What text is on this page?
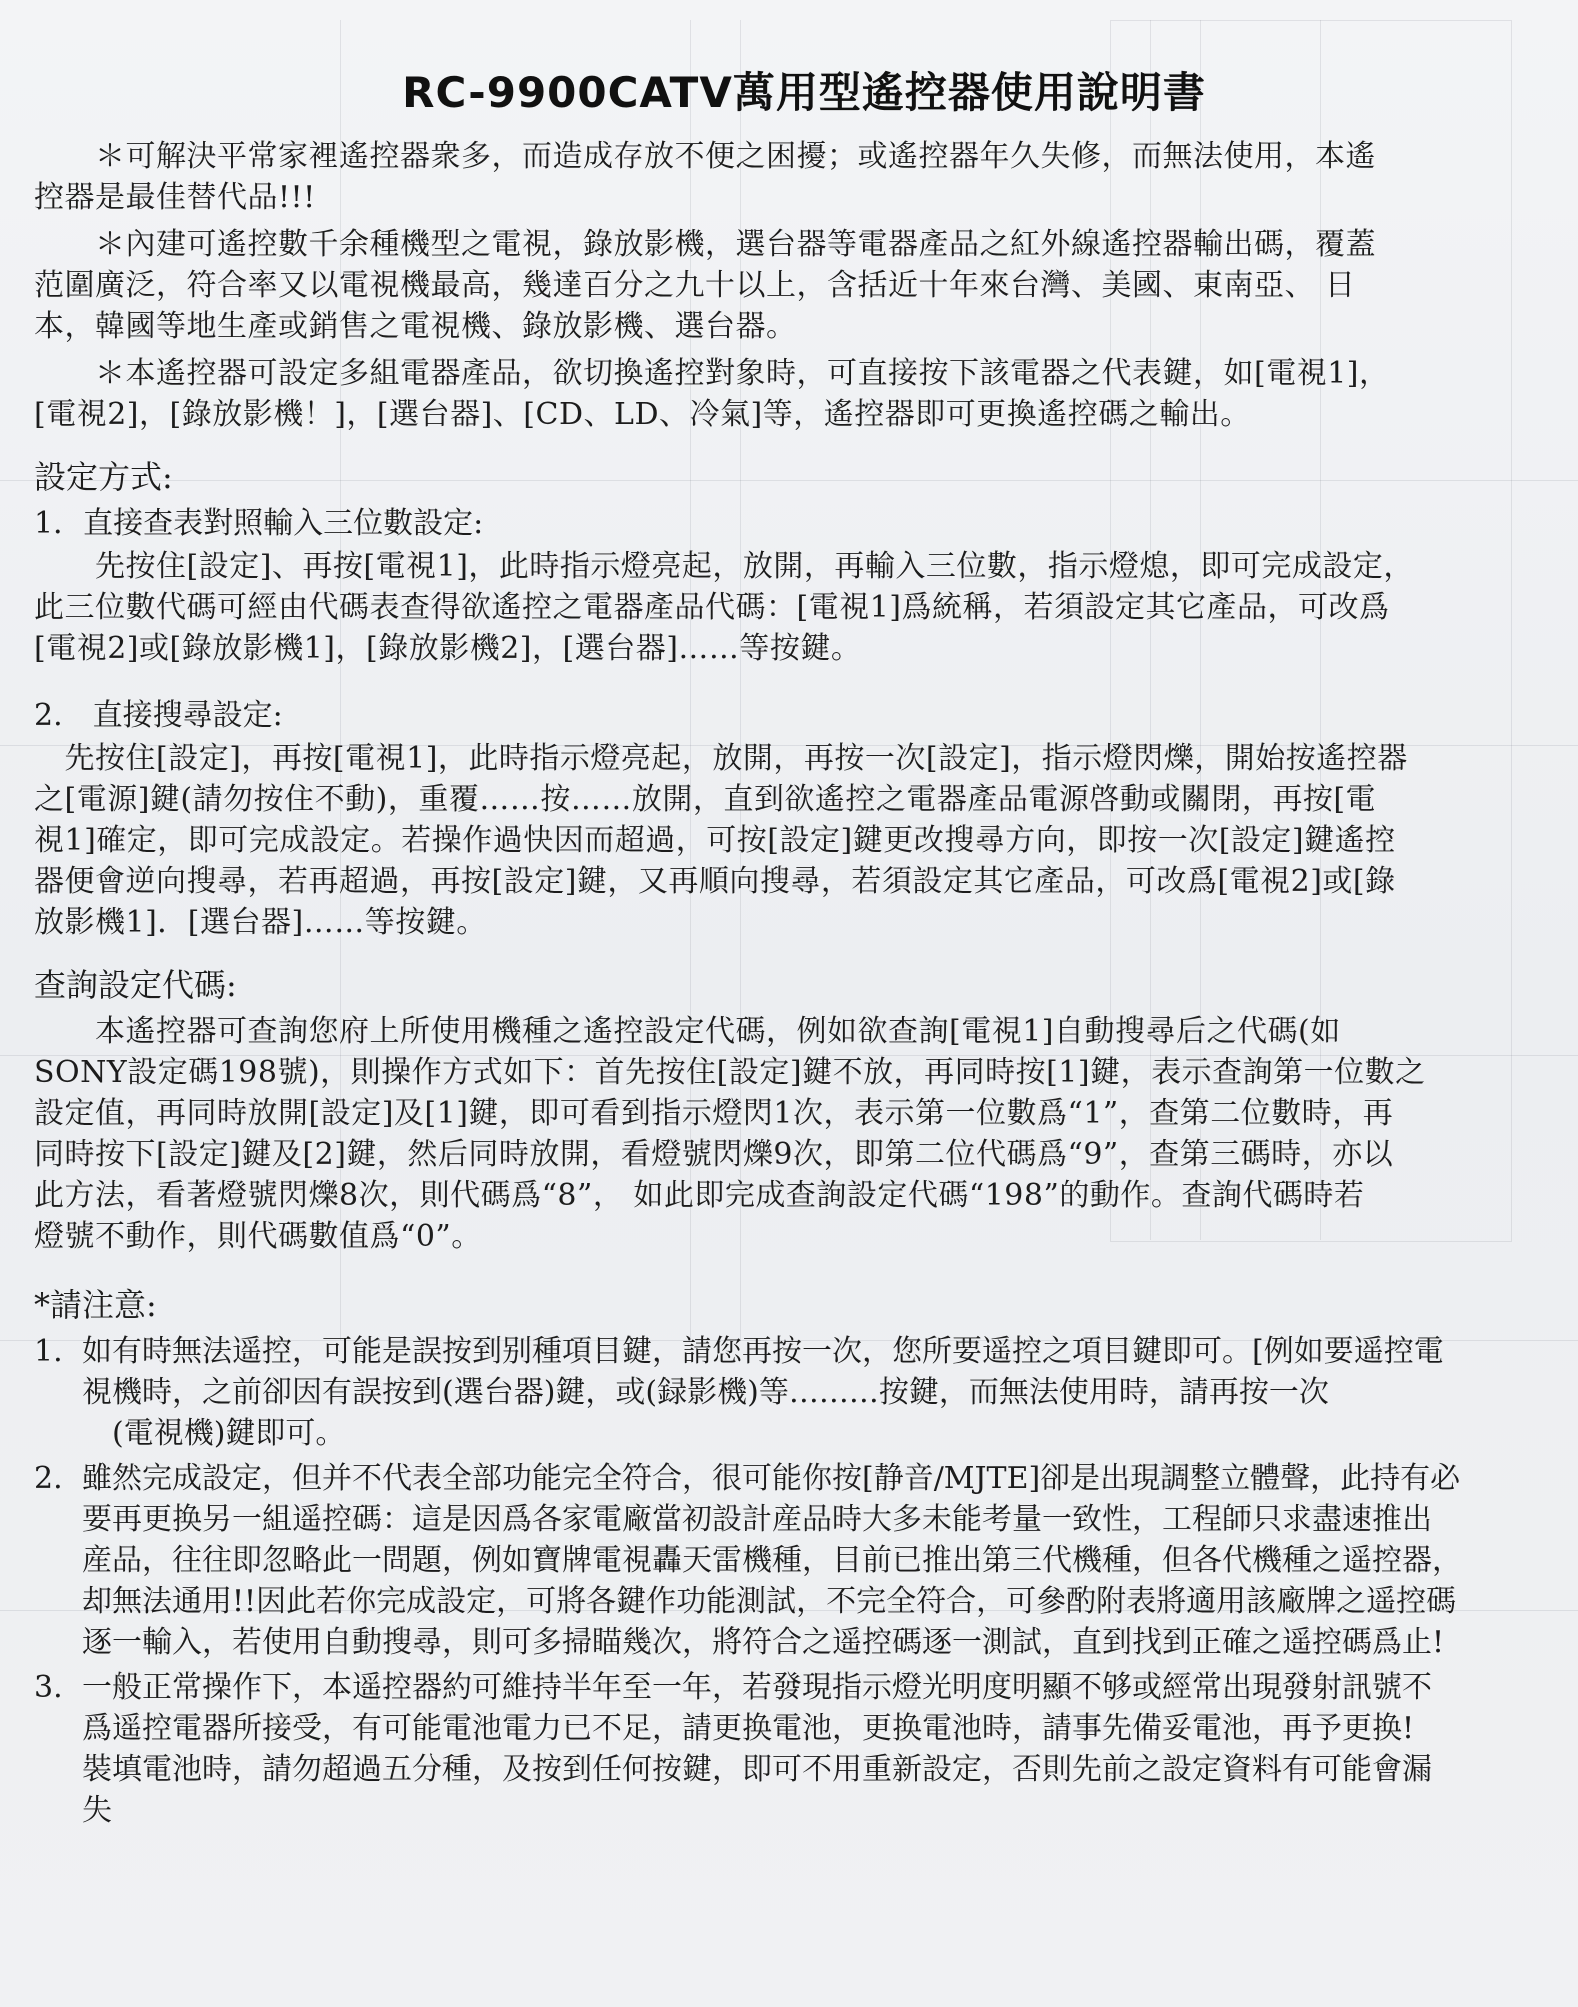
RC-9900CATV萬用型遙控器使用說明書
　　＊可解決平常家裡遙控器衆多，而造成存放不便之困擾；或遙控器年久失修，而無法使用，本遙
控器是最佳替代品!!!
　　＊內建可遙控數千余種機型之電視，錄放影機，選台器等電器產品之紅外線遙控器輸出碼，覆蓋
范圍廣泛，符合率又以電視機最高，幾達百分之九十以上，含括近十年來台灣、美國、東南亞、 日
本，韓國等地生產或銷售之電視機、錄放影機、選台器。
　　＊本遙控器可設定多組電器產品，欲切換遙控對象時，可直接按下該電器之代表鍵，如[電視1]，
[電視2]，[錄放影機！]，[選台器]、[CD、LD、冷氣]等，遙控器即可更換遙控碼之輸出。
設定方式:
1．直接查表對照輸入三位數設定:
　　先按住[設定]、再按[電視1]，此時指示燈亮起，放開，再輸入三位數，指示燈熄，即可完成設定，
此三位數代碼可經由代碼表查得欲遙控之電器產品代碼：[電視1]爲統稱，若須設定其它產品，可改爲
[電視2]或[錄放影機1]，[錄放影機2]，[選台器]……等按鍵。
2.　直接搜尋設定:
　先按住[設定]，再按[電視1]，此時指示燈亮起，放開，再按一次[設定]，指示燈閃爍，開始按遙控器
之[電源]鍵(請勿按住不動)，重覆……按……放開，直到欲遙控之電器產品電源啓動或關閉，再按[電
視1]確定，即可完成設定。若操作過快因而超過，可按[設定]鍵更改搜尋方向，即按一次[設定]鍵遙控
器便會逆向搜尋，若再超過，再按[設定]鍵，又再順向搜尋，若須設定其它產品，可改爲[電視2]或[錄
放影機1]．[選台器]……等按鍵。
查詢設定代碼:
　　本遙控器可查詢您府上所使用機種之遙控設定代碼，例如欲查詢[電視1]自動搜尋后之代碼(如
SONY設定碼198號)，則操作方式如下：首先按住[設定]鍵不放，再同時按[1]鍵，表示查詢第一位數之
設定值，再同時放開[設定]及[1]鍵，即可看到指示燈閃1次，表示第一位數爲“1”，查第二位數時，再
同時按下[設定]鍵及[2]鍵，然后同時放開，看燈號閃爍9次，即第二位代碼爲“9”，查第三碼時，亦以
此方法，看著燈號閃爍8次，則代碼爲“8”， 如此即完成查詢設定代碼“198”的動作。查詢代碼時若
燈號不動作，則代碼數值爲“0”。
*請注意:
1. 如有時無法遥控，可能是誤按到别種項目鍵，請您再按一次，您所要遥控之項目鍵即可。[例如要遥控電
視機時，之前卻因有誤按到(選台器)鍵，或(録影機)等………按鍵，而無法使用時，請再按一次
　(電視機)鍵即可。
2. 雖然完成設定，但并不代表全部功能完全符合，很可能你按[静音/MJTE]卻是出現調整立體聲，此持有必
要再更换另一組遥控碼：這是因爲各家電廠當初設計産品時大多未能考量一致性，工程師只求盡速推出
産品，往往即忽略此一問題，例如寶牌電視轟天雷機種，目前已推出第三代機種，但各代機種之遥控器，
却無法通用!!因此若你完成設定，可將各鍵作功能測試，不完全符合，可參酌附表將適用該廠牌之遥控碼
逐一輸入，若使用自動搜尋，則可多掃瞄幾次，將符合之遥控碼逐一測試，直到找到正確之遥控碼爲止!
3. 一般正常操作下，本遥控器約可維持半年至一年，若發現指示燈光明度明顯不够或經常出現發射訊號不
爲遥控電器所接受，有可能電池電力已不足，請更换電池，更换電池時，請事先備妥電池，再予更换!
裝填電池時，請勿超過五分種，及按到任何按鍵，即可不用重新設定，否則先前之設定資料有可能會漏
失
